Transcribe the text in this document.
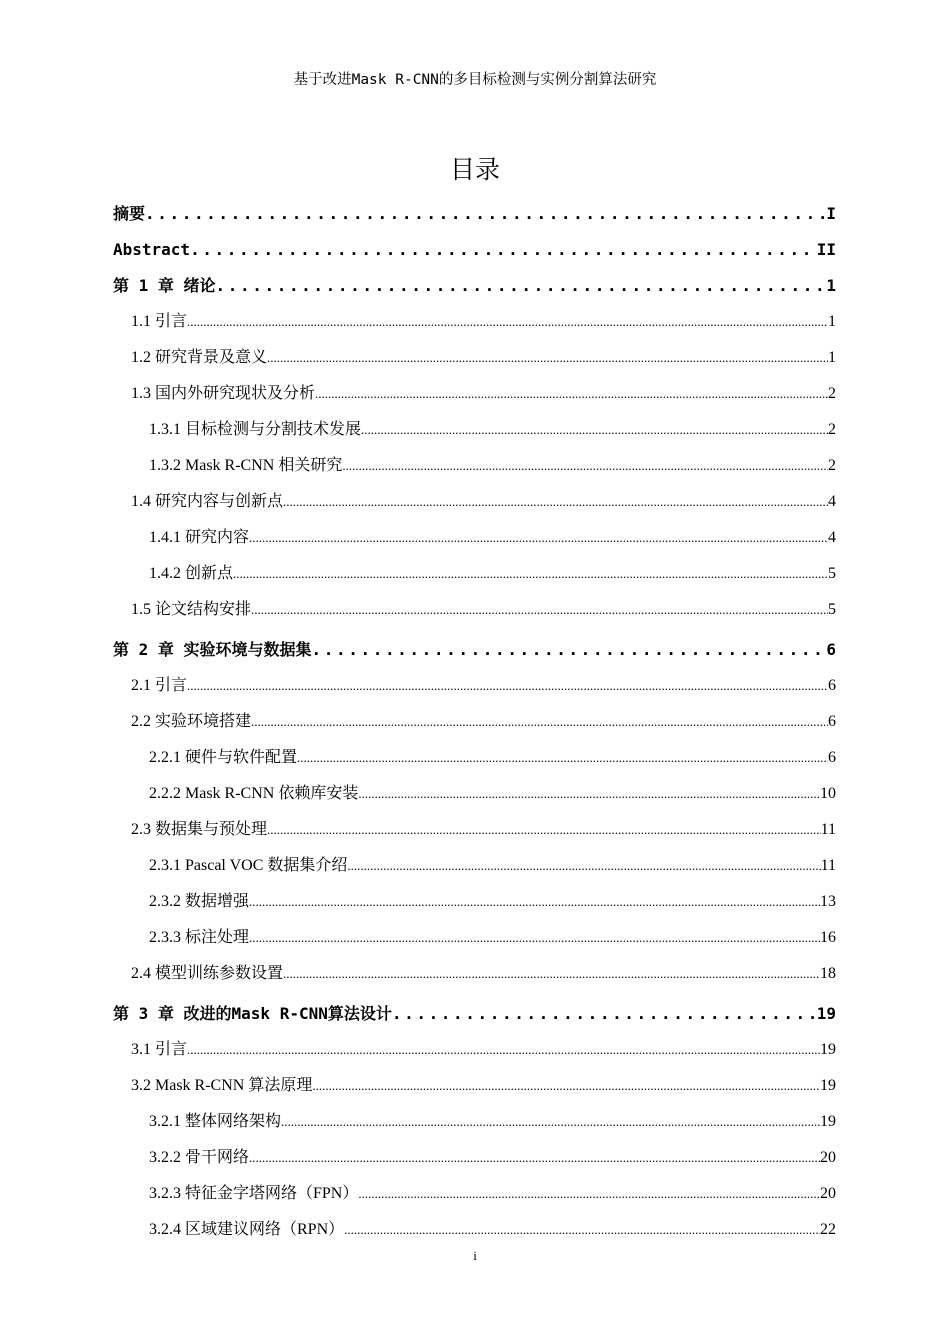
基于改进Mask R-CNN的多目标检测与实例分割算法研究
目录
摘要 .....	I
Abstract .....	II
第 1 章 绪论 .....	1
1.1 引言 .....	1
1.2 研究背景及意义 .....	1
1.3 国内外研究现状及分析 .....	2
1.3.1 目标检测与分割技术发展 .....	2
1.3.2 Mask R-CNN 相关研究 .....	2
1.4 研究内容与创新点 .....	4
1.4.1 研究内容 .....	4
1.4.2 创新点 .....	5
1.5 论文结构安排 .....	5
第 2 章 实验环境与数据集 .....	6
2.1 引言 .....	6
2.2 实验环境搭建 .....	6
2.2.1 硬件与软件配置 .....	6
2.2.2 Mask R-CNN 依赖库安装 .....	10
2.3 数据集与预处理 .....	11
2.3.1 Pascal VOC 数据集介绍 .....	11
2.3.2 数据增强 .....	13
2.3.3 标注处理 .....	16
2.4 模型训练参数设置 .....	18
第 3 章 改进的Mask R-CNN算法设计 .....	19
3.1 引言 .....	19
3.2 Mask R-CNN 算法原理 .....	19
3.2.1 整体网络架构 .....	19
3.2.2 骨干网络 .....	20
3.2.3 特征金字塔网络（FPN） .....	20
3.2.4 区域建议网络（RPN） .....	22
i
